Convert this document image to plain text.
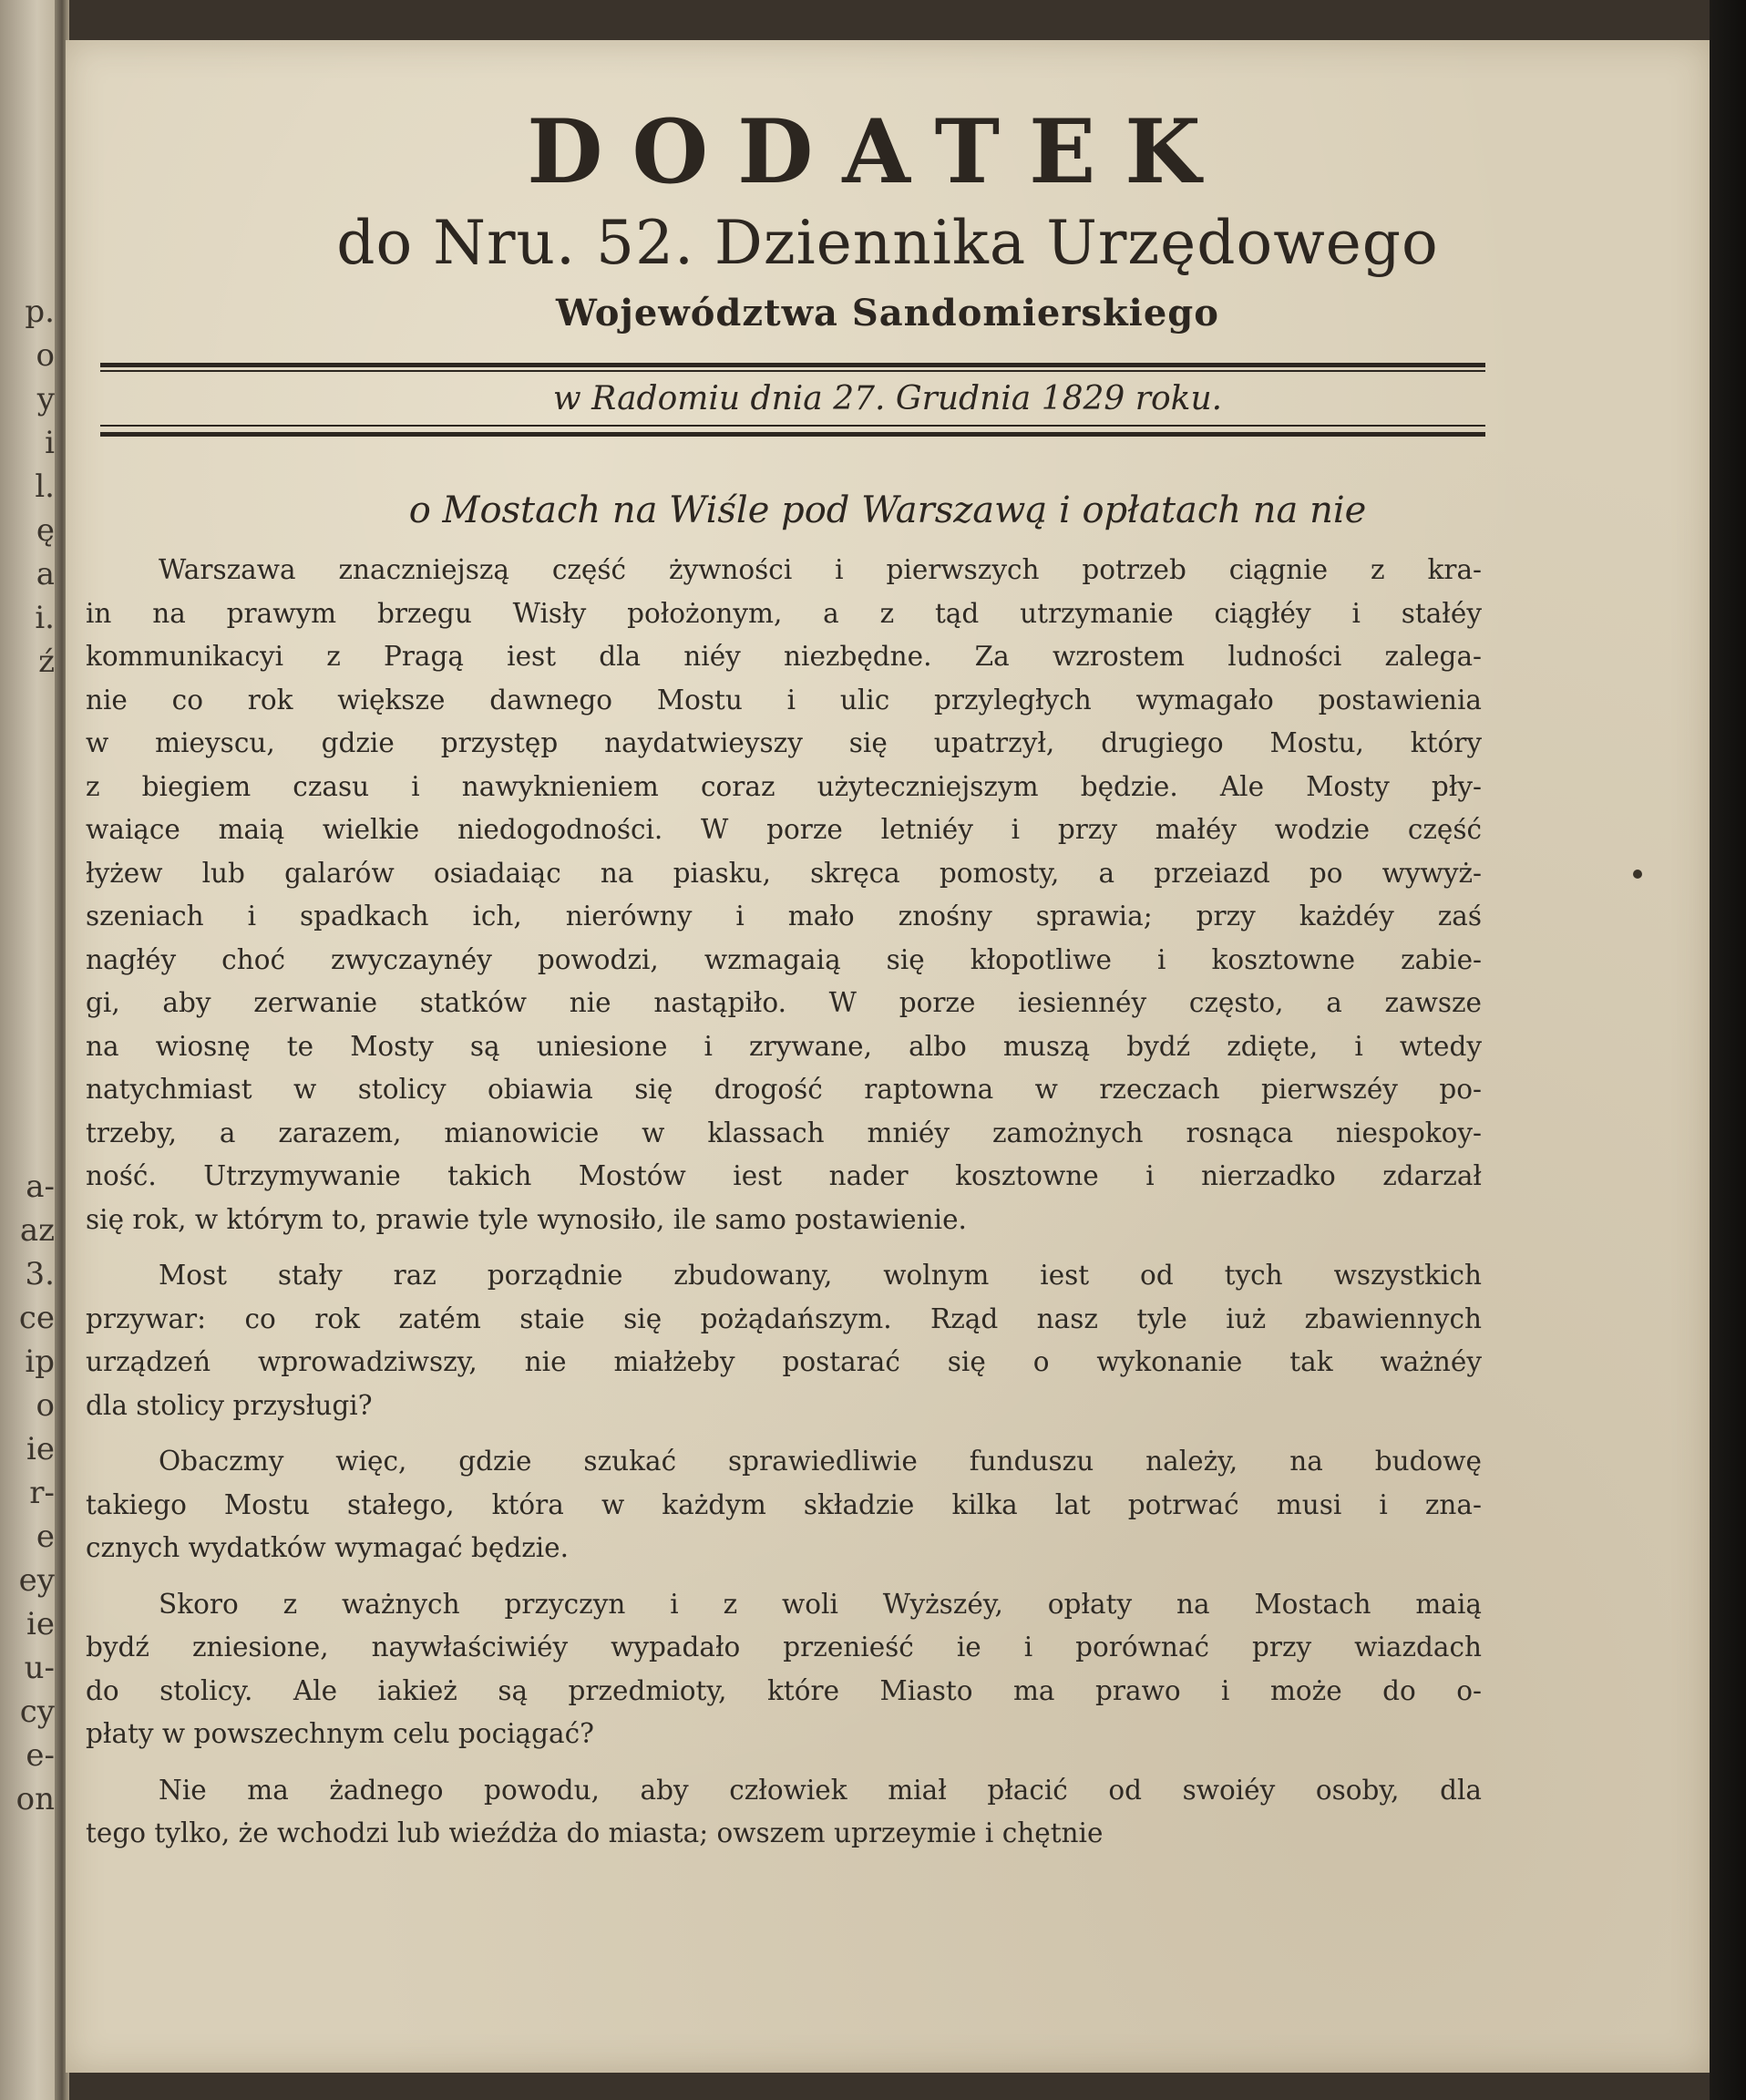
p.
o
y
i
l.
ę
a
i.
ź
a-
az
3.
ce
ip
o
ie
r-
e
ey
ie
u-
cy
e-
on
DODATEK
do Nru. 52. Dziennika Urzędowego
Województwa Sandomierskiego
w Radomiu dnia 27. Grudnia 1829 roku.
o Mostach na Wiśle pod Warszawą i opłatach na nie
Warszawa znaczniejszą część żywności i pierwszych potrzeb ciągnie z kra-
in na prawym brzegu Wisły położonym, a z tąd utrzymanie ciągłéy i stałéy
kommunikacyi z Pragą iest dla niéy niezbędne. Za wzrostem ludności zalega-
nie co rok większe dawnego Mostu i ulic przyległych wymagało postawienia
w mieyscu, gdzie przystęp naydatwieyszy się upatrzył, drugiego Mostu, który
z biegiem czasu i nawyknieniem coraz użyteczniejszym będzie. Ale Mosty pły-
waiące maią wielkie niedogodności. W porze letniéy i przy małéy wodzie część
łyżew lub galarów osiadaiąc na piasku, skręca pomosty, a przeiazd po wywyż-
szeniach i spadkach ich, nierówny i mało znośny sprawia; przy każdéy zaś
nagłéy choć zwyczaynéy powodzi, wzmagaią się kłopotliwe i kosztowne zabie-
gi, aby zerwanie statków nie nastąpiło. W porze iesiennéy często, a zawsze
na wiosnę te Mosty są uniesione i zrywane, albo muszą bydź zdięte, i wtedy
natychmiast w stolicy obiawia się drogość raptowna w rzeczach pierwszéy po-
trzeby, a zarazem, mianowicie w klassach mniéy zamożnych rosnąca niespokoy-
ność. Utrzymywanie takich Mostów iest nader kosztowne i nierzadko zdarzał
się rok, w którym to, prawie tyle wynosiło, ile samo postawienie.
Most stały raz porządnie zbudowany, wolnym iest od tych wszystkich
przywar: co rok zatém staie się pożądańszym. Rząd nasz tyle iuż zbawiennych
urządzeń wprowadziwszy, nie miałżeby postarać się o wykonanie tak ważnéy
dla stolicy przysługi?
Obaczmy więc, gdzie szukać sprawiedliwie funduszu należy, na budowę
takiego Mostu stałego, która w każdym składzie kilka lat potrwać musi i zna-
cznych wydatków wymagać będzie.
Skoro z ważnych przyczyn i z woli Wyższéy, opłaty na Mostach maią
bydź zniesione, naywłaściwiéy wypadało przenieść ie i porównać przy wiazdach
do stolicy. Ale iakież są przedmioty, które Miasto ma prawo i może do o-
płaty w powszechnym celu pociągać?
Nie ma żadnego powodu, aby człowiek miał płacić od swoiéy osoby, dla
tego tylko, że wchodzi lub wieźdża do miasta; owszem uprzeymie i chętnie
